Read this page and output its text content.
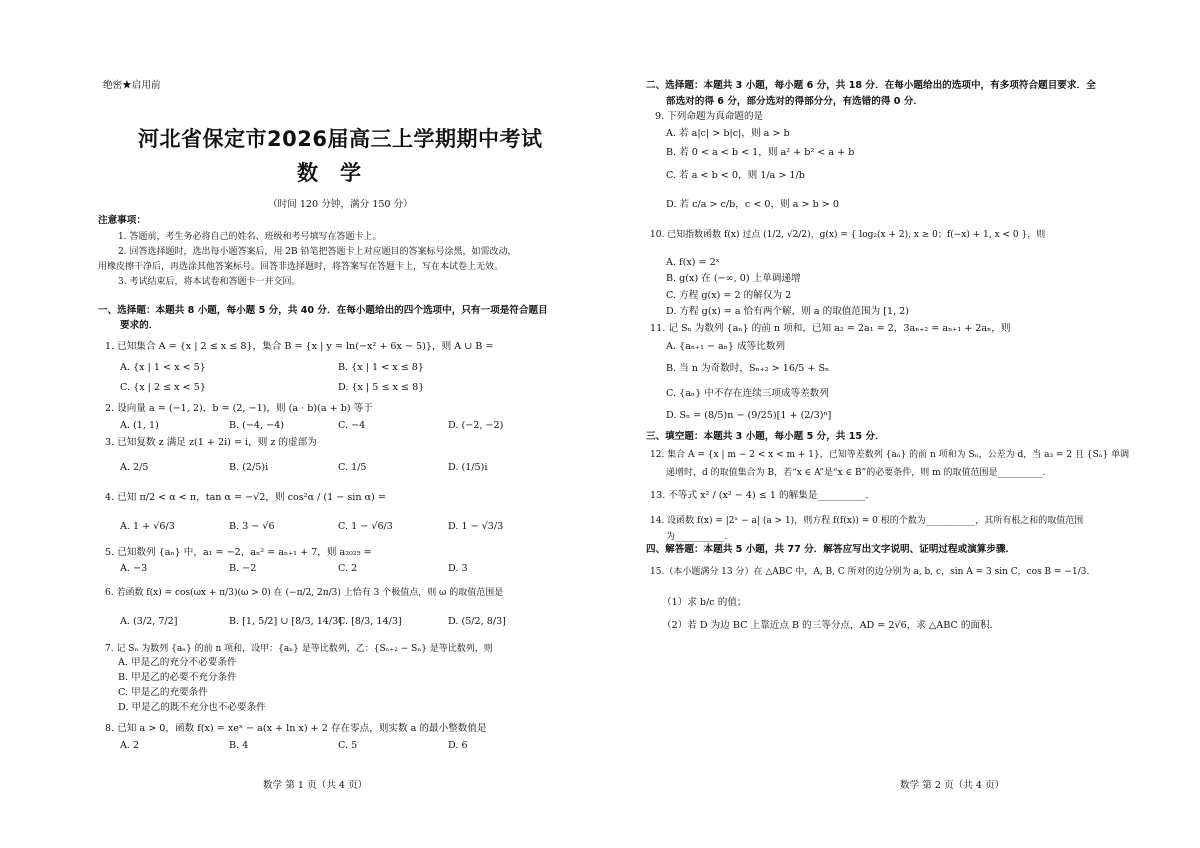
绝密★启用前
河北省保定市2026届高三上学期期中考试
数学
（时间 120 分钟，满分 150 分）
注意事项：
1. 答题前，考生务必将自己的姓名、班级和考号填写在答题卡上。
2. 回答选择题时，选出每小题答案后，用 2B 铅笔把答题卡上对应题目的答案标号涂黑，如需改动，
用橡皮擦干净后，再选涂其他答案标号。回答非选择题时，将答案写在答题卡上，写在本试卷上无效。
3. 考试结束后，将本试卷和答题卡一并交回。
一、选择题：本题共 8 小题，每小题 5 分，共 40 分．在每小题给出的四个选项中，只有一项是符合题目
要求的．
1. 已知集合 A = {x | 2 ≤ x ≤ 8}，集合 B = {x | y = ln(−x² + 6x − 5)}，则 A ∪ B =
A. {x | 1 < x < 5}	B. {x | 1 < x ≤ 8}
C. {x | 2 ≤ x < 5}	D. {x | 5 ≤ x ≤ 8}
2. 设向量 a = (−1, 2)，b = (2, −1)，则 (a · b)(a + b) 等于
A. (1, 1)	B. (−4, −4)	C. −4	D. (−2, −2)
3. 已知复数 z 满足 z(1 + 2i) = i，则 z 的虚部为
A. 2/5	B. (2/5)i	C. 1/5	D. (1/5)i
4. 已知 π/2 < α < π，tan α = −√2，则 cos²α / (1 − sin α) =
A. 1 + √6/3	B. 3 − √6	C. 1 − √6/3	D. 1 − √3/3
5. 已知数列 {aₙ} 中，a₁ = −2，aₙ² = aₙ₊₁ + 7，则 a₂₀₂₅ =
A. −3	B. −2	C. 2	D. 3
6. 若函数 f(x) = cos(ωx + π/3)(ω > 0) 在 (−π/2, 2π/3) 上恰有 3 个极值点，则 ω 的取值范围是
A. (3/2, 7/2]	B. [1, 5/2] ∪ [8/3, 14/3]
C. [8/3, 14/3]	D. (5/2, 8/3]
7. 记 Sₙ 为数列 {aₙ} 的前 n 项和，设甲：{aₙ} 是等比数列，乙：{Sₙ₊₂ − Sₙ} 是等比数列，则
A. 甲是乙的充分不必要条件
B. 甲是乙的必要不充分条件
C. 甲是乙的充要条件
D. 甲是乙的既不充分也不必要条件
8. 已知 a > 0，函数 f(x) = xeˣ − a(x + ln x) + 2 存在零点，则实数 a 的最小整数值是
A. 2	B. 4	C. 5	D. 6
数学 第 1 页（共 4 页）
二、选择题：本题共 3 小题，每小题 6 分，共 18 分．在每小题给出的选项中，有多项符合题目要求．全
部选对的得 6 分，部分选对的得部分分，有选错的得 0 分．
9. 下列命题为真命题的是
A. 若 a|c| > b|c|，则 a > b
B. 若 0 < a < b < 1，则 a² + b² < a + b
C. 若 a < b < 0，则 1/a > 1/b
D. 若 c/a > c/b，c < 0，则 a > b > 0
10. 已知指数函数 f(x) 过点 (1/2, √2/2)，g(x) = { log₂(x + 2), x ≥ 0；f(−x) + 1, x < 0 }，则
A. f(x) = 2ˣ
B. g(x) 在 (−∞, 0) 上单调递增
C. 方程 g(x) = 2 的解仅为 2
D. 方程 g(x) = a 恰有两个解，则 a 的取值范围为 [1, 2)
11. 记 Sₙ 为数列 {aₙ} 的前 n 项和，已知 a₂ = 2a₁ = 2，3aₙ₊₂ = aₙ₊₁ + 2aₙ，则
A. {aₙ₊₁ − aₙ} 成等比数列
B. 当 n 为奇数时，Sₙ₊₂ > 16/5 + Sₙ
C. {aₙ} 中不存在连续三项成等差数列
D. Sₙ = (8/5)n − (9/25)[1 + (2/3)ⁿ]
三、填空题：本题共 3 小题，每小题 5 分，共 15 分．
12. 集合 A = {x | m − 2 < x < m + 1}，已知等差数列 {aₙ} 的前 n 项和为 Sₙ，公差为 d，当 a₃ = 2 且 {Sₙ} 单调
递增时，d 的取值集合为 B，若“x ∈ A”是“x ∈ B”的必要条件，则 m 的取值范围是__________.
13. 不等式 x² / (x² − 4) ≤ 1 的解集是__________.
14. 设函数 f(x) = |2ˣ − a| (a > 1)，则方程 f(f(x)) = 0 根的个数为___________，其所有根之和的取值范围
为___________.
四、解答题：本题共 5 小题，共 77 分．解答应写出文字说明、证明过程或演算步骤．
15.（本小题满分 13 分）在 △ABC 中，A, B, C 所对的边分别为 a, b, c，sin A = 3 sin C，cos B = −1/3．
（1）求 b/c 的值；
（2）若 D 为边 BC 上靠近点 B 的三等分点，AD = 2√6，求 △ABC 的面积．
数学 第 2 页（共 4 页）
